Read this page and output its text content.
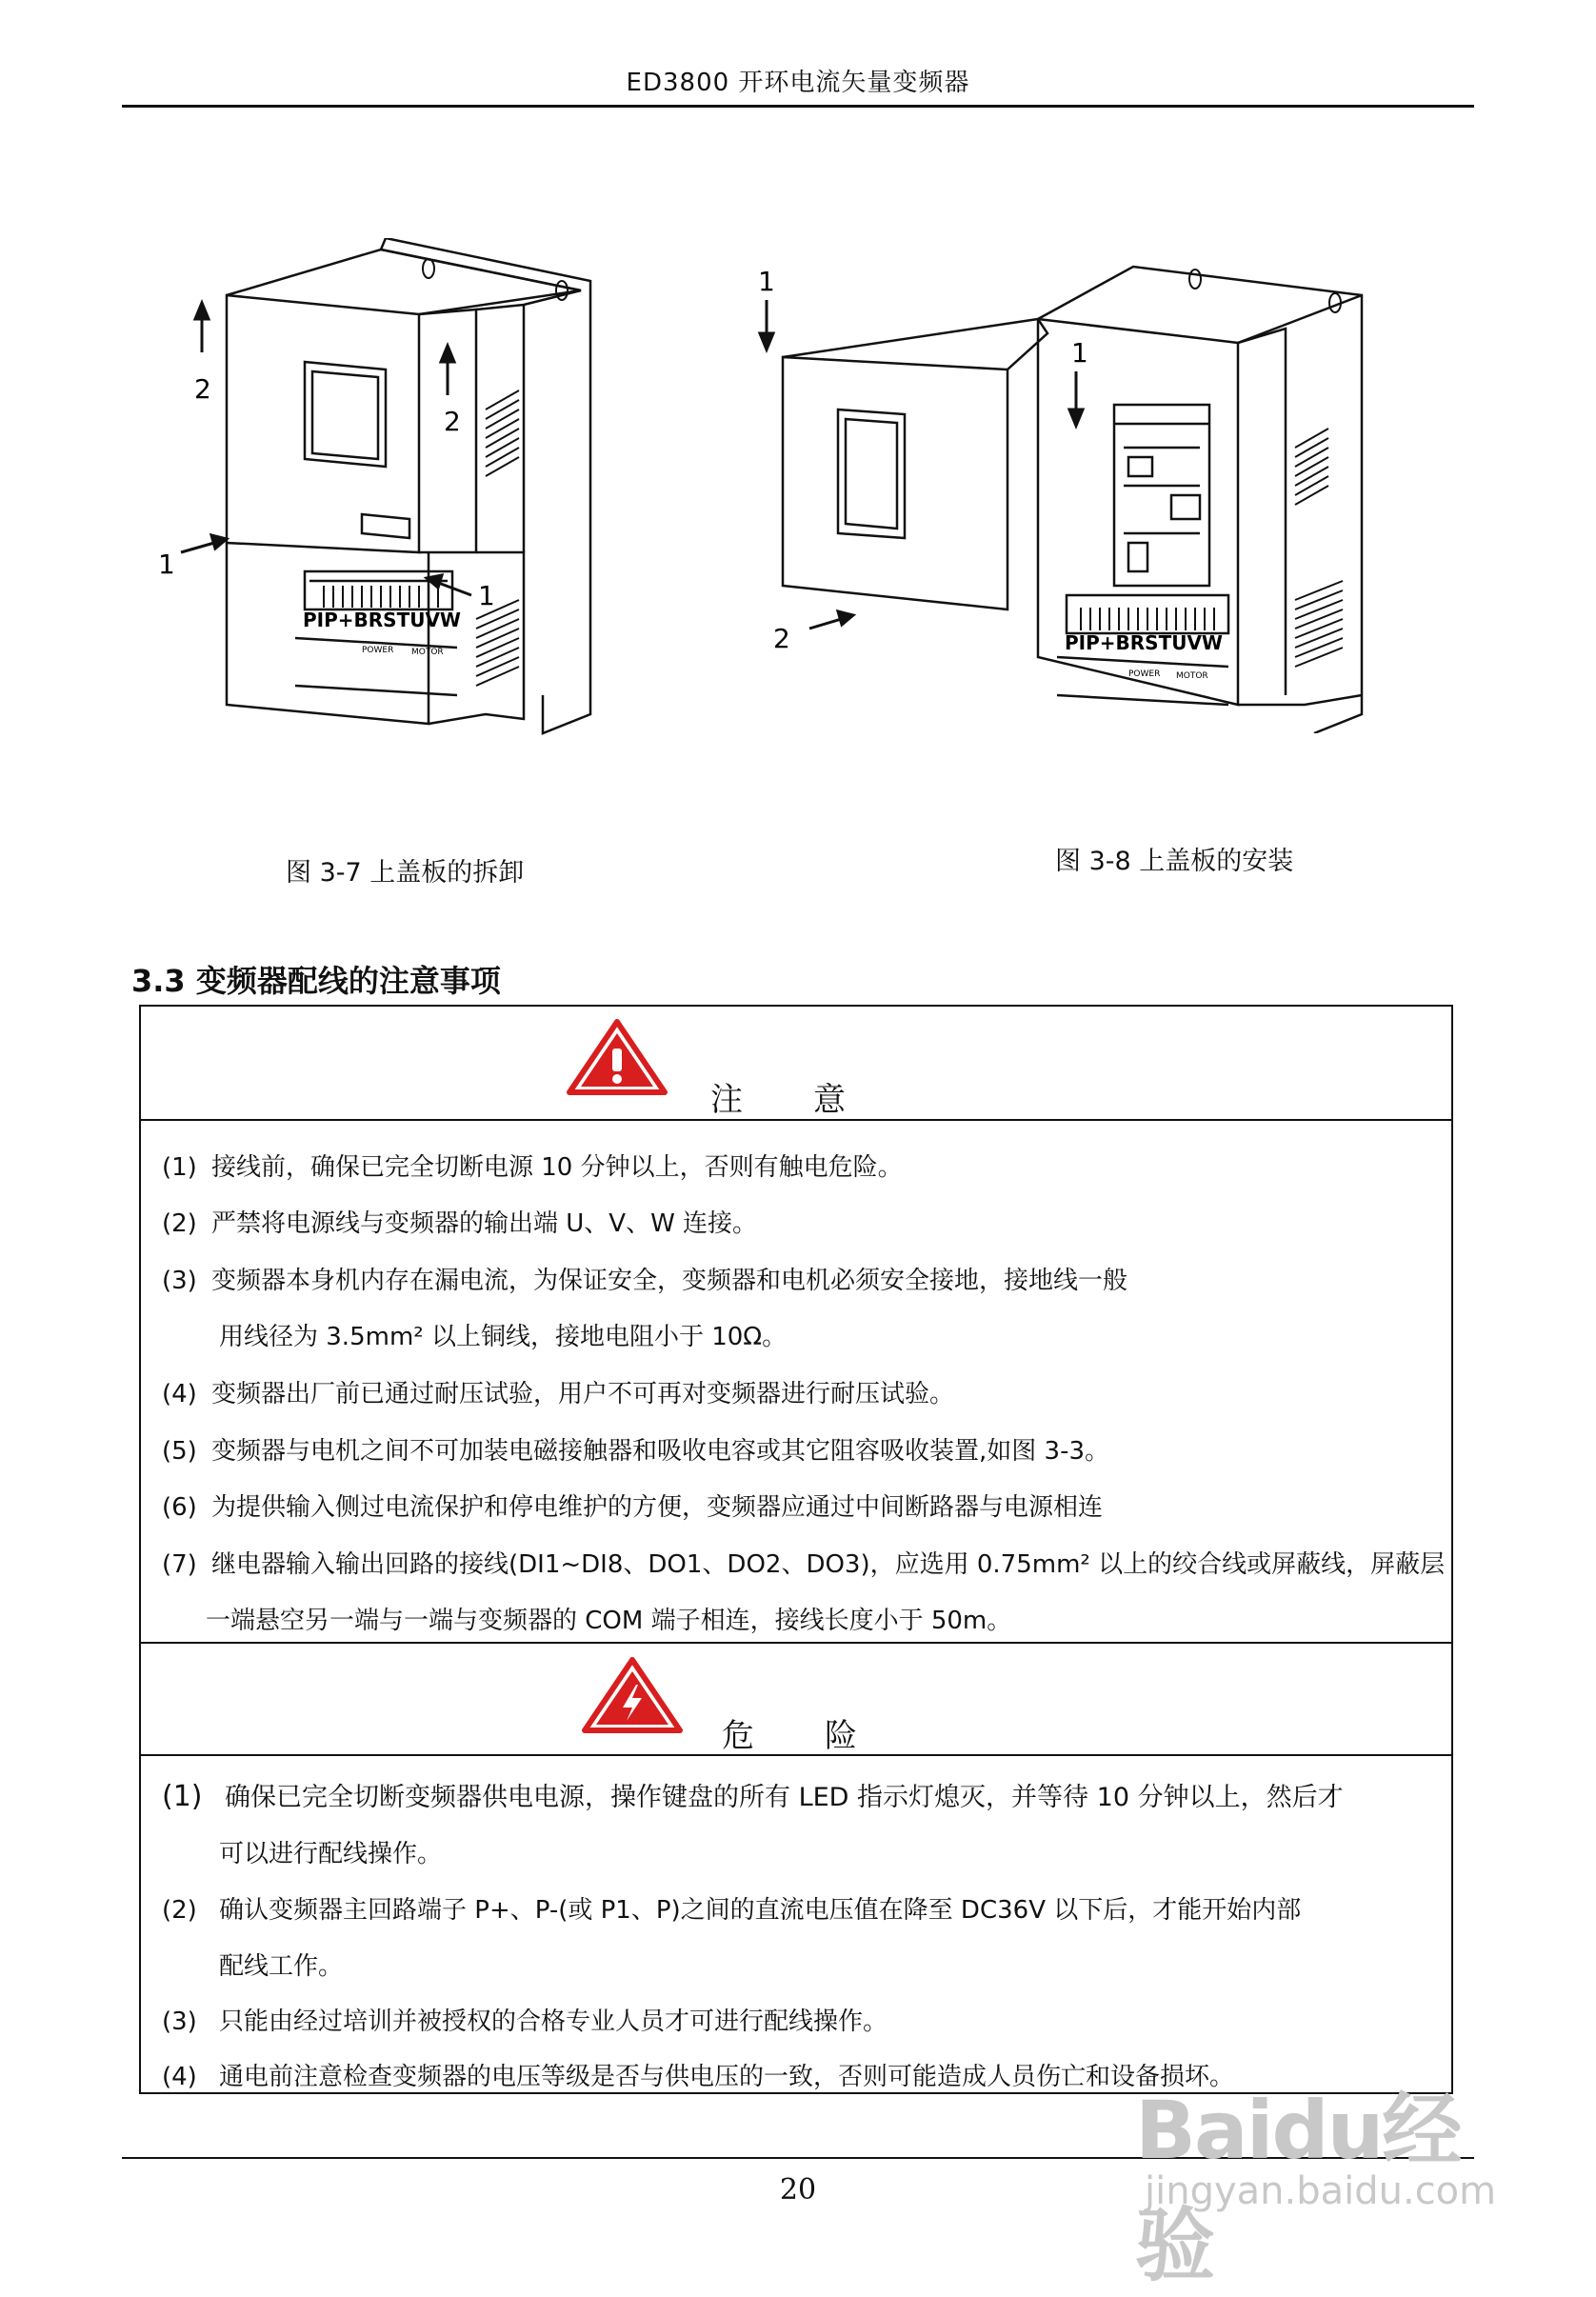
ED3800 开环电流矢量变频器
2
2
1
1
PIP+BRSTUVW
POWER MOTOR
1
1
2	PIP+BRSTUVW
POWER MOTOR
图 3-7 上盖板的拆卸	图 3-8 上盖板的安装
3.3 变频器配线的注意事项
注　　意
(1) 接线前，确保已完全切断电源 10 分钟以上，否则有触电危险。
(2) 严禁将电源线与变频器的输出端 U、V、W 连接。
(3) 变频器本身机内存在漏电流，为保证安全，变频器和电机必须安全接地，接地线一般
用线径为 3.5mm² 以上铜线，接地电阻小于 10Ω。
(4) 变频器出厂前已通过耐压试验，用户不可再对变频器进行耐压试验。
(5) 变频器与电机之间不可加装电磁接触器和吸收电容或其它阻容吸收装置,如图 3-3。
(6) 为提供输入侧过电流保护和停电维护的方便，变频器应通过中间断路器与电源相连
(7) 继电器输入输出回路的接线(DI1~DI8、DO1、DO2、DO3)，应选用 0.75mm² 以上的绞合线或屏蔽线，屏蔽层
一端悬空另一端与一端与变频器的 COM 端子相连，接线长度小于 50m。
危　　险
(1) 确保已完全切断变频器供电电源，操作键盘的所有 LED 指示灯熄灭，并等待 10 分钟以上，然后才
可以进行配线操作。
(2) 确认变频器主回路端子 P+、P-(或 P1、P)之间的直流电压值在降至 DC36V 以下后，才能开始内部
配线工作。
(3) 只能由经过培训并被授权的合格专业人员才可进行配线操作。
(4) 通电前注意检查变频器的电压等级是否与供电压的一致，否则可能造成人员伤亡和设备损坏。
20
Baidu经验
jingyan.baidu.com
